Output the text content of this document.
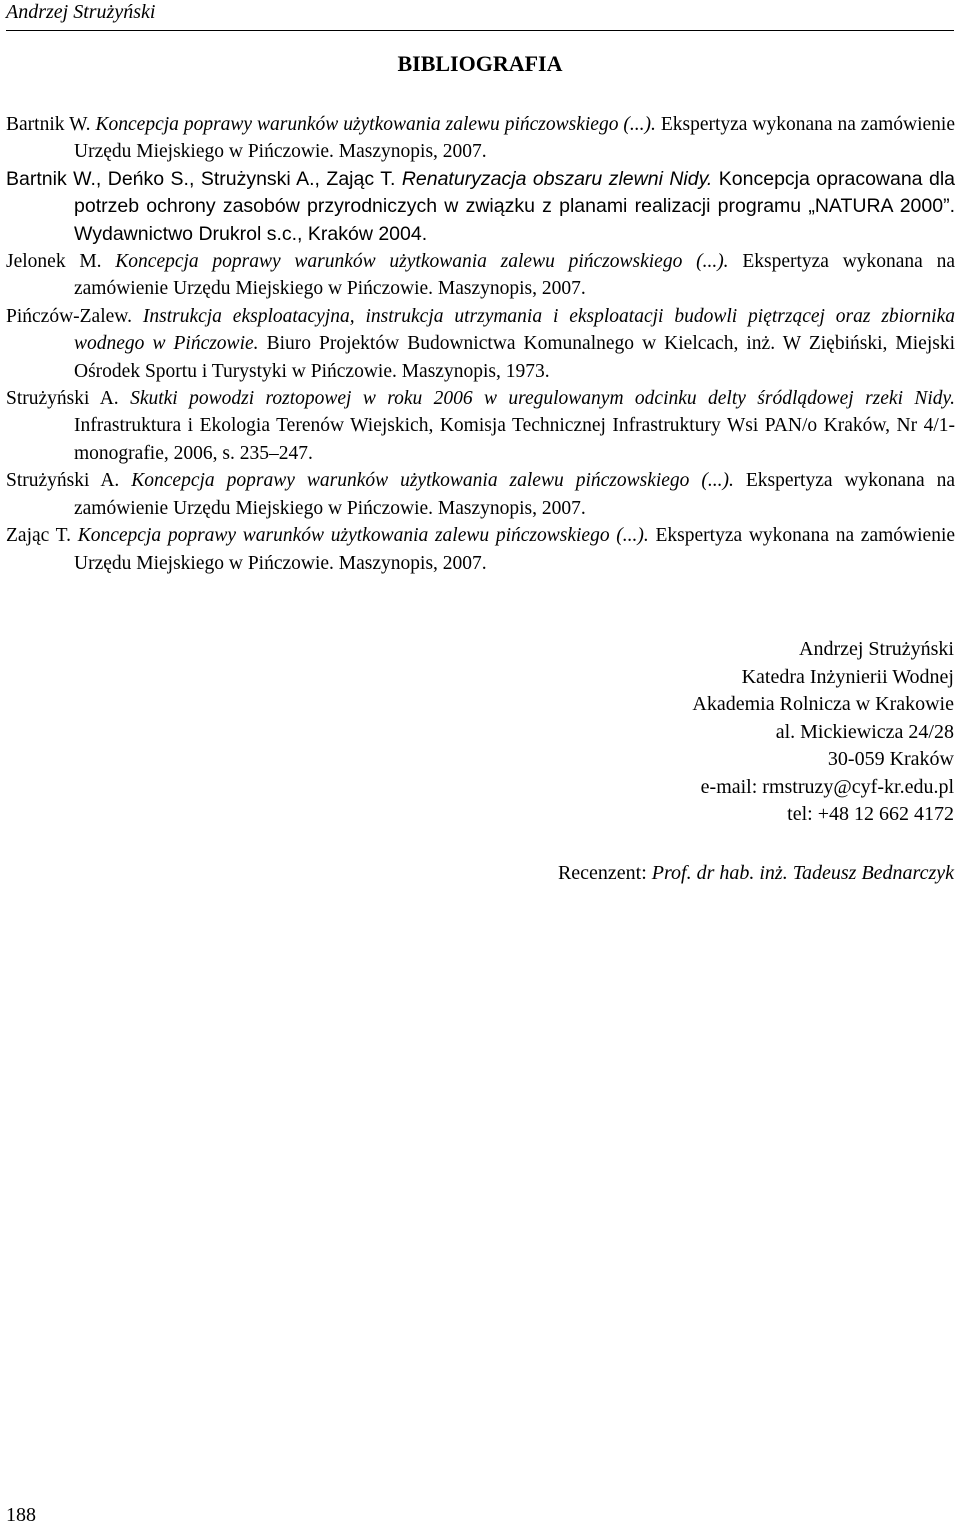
Andrzej Strużyński
BIBLIOGRAFIA
Bartnik W. Koncepcja poprawy warunków użytkowania zalewu pińczowskiego (...). Ekspertyza wykonana na zamówienie Urzędu Miejskiego w Pińczowie. Maszynopis, 2007.
Bartnik W., Deńko S., Strużynski A., Zając T. Renaturyzacja obszaru zlewni Nidy. Koncepcja opracowana dla potrzeb ochrony zasobów przyrodniczych w związku z planami realizacji programu „NATURA 2000”. Wydawnictwo Drukrol s.c., Kraków 2004.
Jelonek M. Koncepcja poprawy warunków użytkowania zalewu pińczowskiego (...). Ekspertyza wykonana na zamówienie Urzędu Miejskiego w Pińczowie. Maszynopis, 2007.
Pińczów-Zalew. Instrukcja eksploatacyjna, instrukcja utrzymania i eksploatacji budowli piętrzącej oraz zbiornika wodnego w Pińczowie. Biuro Projektów Budownictwa Komunalnego w Kielcach, inż. W Ziębiński, Miejski Ośrodek Sportu i Turystyki w Pińczowie. Maszynopis, 1973.
Strużyński A. Skutki powodzi roztopowej w roku 2006 w uregulowanym odcinku delty śródlądowej rzeki Nidy. Infrastruktura i Ekologia Terenów Wiejskich, Komisja Technicznej Infrastruktury Wsi PAN/o Kraków, Nr 4/1-monografie, 2006, s. 235–247.
Strużyński A. Koncepcja poprawy warunków użytkowania zalewu pińczowskiego (...). Ekspertyza wykonana na zamówienie Urzędu Miejskiego w Pińczowie. Maszynopis, 2007.
Zając T. Koncepcja poprawy warunków użytkowania zalewu pińczowskiego (...). Ekspertyza wykonana na zamówienie Urzędu Miejskiego w Pińczowie. Maszynopis, 2007.
Andrzej Strużyński
Katedra Inżynierii Wodnej
Akademia Rolnicza w Krakowie
al. Mickiewicza 24/28
30-059 Kraków
e-mail: rmstruzy@cyf-kr.edu.pl
tel: +48 12 662 4172
Recenzent: Prof. dr hab. inż. Tadeusz Bednarczyk
188
